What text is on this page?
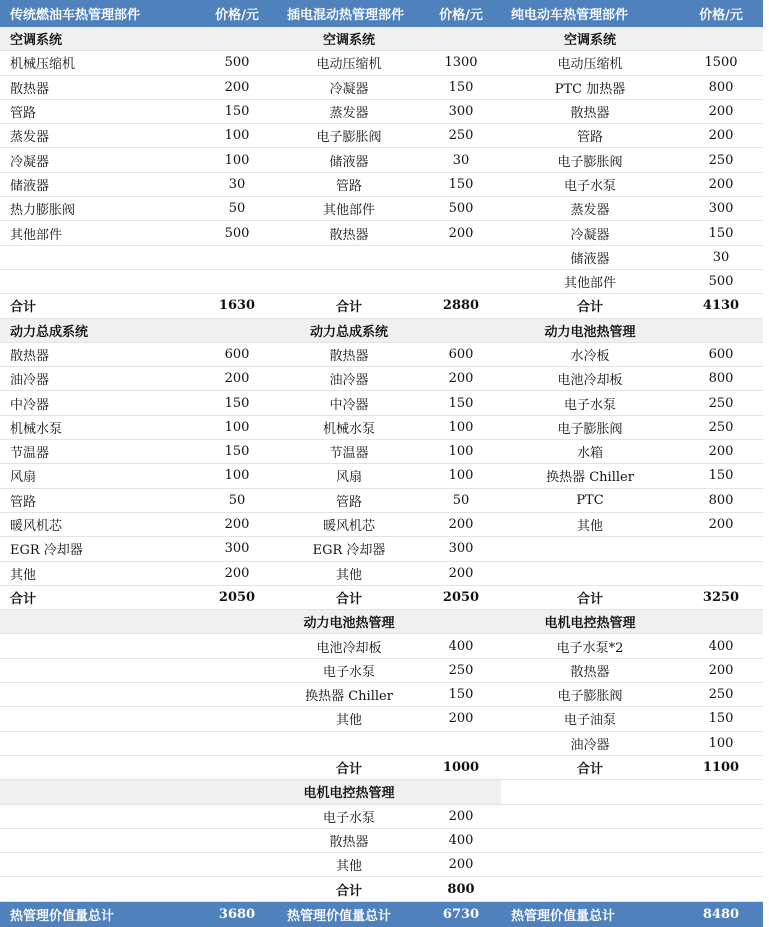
传统燃油车热管理部件	价格/元	插电混动热管理部件	价格/元	纯电动车热管理部件	价格/元
空调系统		空调系统		空调系统	
机械压缩机	500	电动压缩机	1300	电动压缩机	1500
散热器	200	冷凝器	150	PTC 加热器	800
管路	150	蒸发器	300	散热器	200
蒸发器	100	电子膨胀阀	250	管路	200
冷凝器	100	储液器	30	电子膨胀阀	250
储液器	30	管路	150	电子水泵	200
热力膨胀阀	50	其他部件	500	蒸发器	300
其他部件	500	散热器	200	冷凝器	150
				储液器	30
				其他部件	500
合计	1630	合计	2880	合计	4130
动力总成系统		动力总成系统		动力电池热管理	
散热器	600	散热器	600	水冷板	600
油冷器	200	油冷器	200	电池冷却板	800
中冷器	150	中冷器	150	电子水泵	250
机械水泵	100	机械水泵	100	电子膨胀阀	250
节温器	150	节温器	100	水箱	200
风扇	100	风扇	100	换热器 Chiller	150
管路	50	管路	50	PTC	800
暖风机芯	200	暖风机芯	200	其他	200
EGR 冷却器	300	EGR 冷却器	300		
其他	200	其他	200		
合计	2050	合计	2050	合计	3250
		动力电池热管理		电机电控热管理	
		电池冷却板	400	电子水泵*2	400
		电子水泵	250	散热器	200
		换热器 Chiller	150	电子膨胀阀	250
		其他	200	电子油泵	150
				油冷器	100
		合计	1000	合计	1100
		电机电控热管理			
		电子水泵	200		
		散热器	400		
		其他	200		
		合计	800		
热管理价值量总计	3680	热管理价值量总计	6730	热管理价值量总计	8480
